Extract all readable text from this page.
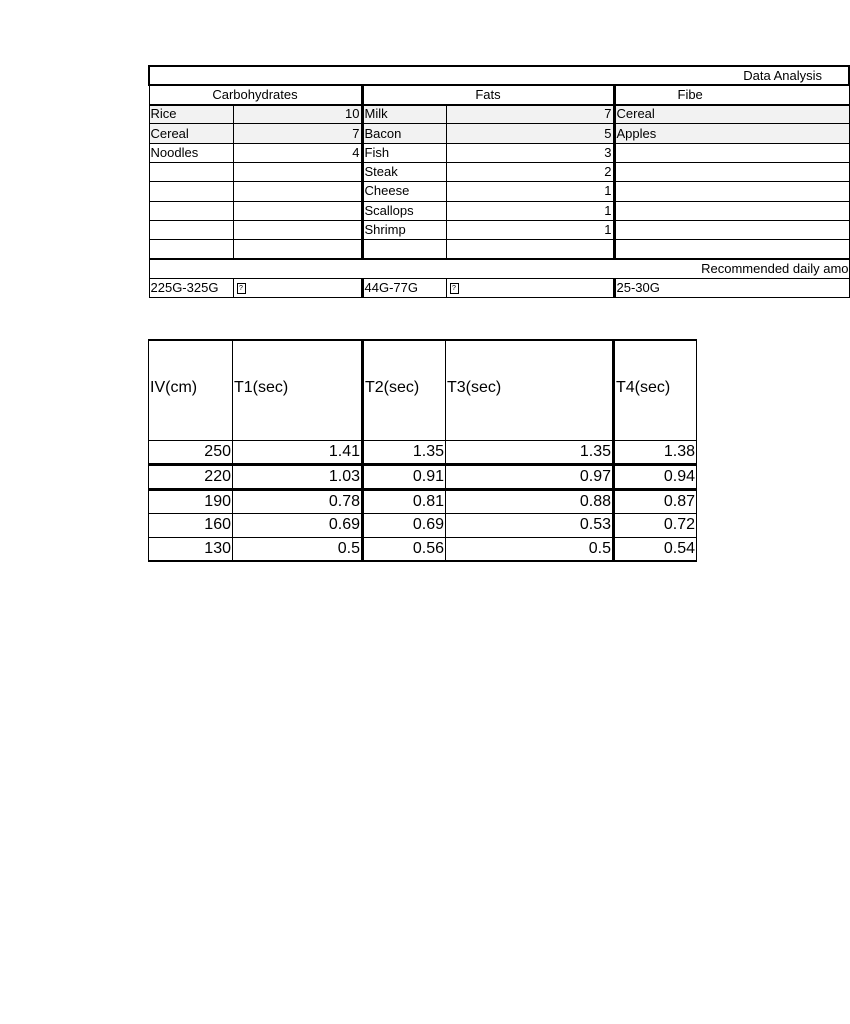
Data Analysis				
Carbohydrates		Fats		Fibe
Rice	10	Milk	7	Cereal
Cereal	7	Bacon	5	Apples
Noodles	4	Fish	3	
		Steak	2	
		Cheese	1	
		Scallops	1	
		Shrimp	1	

Recommended daily amo				
225G-325G	?	44G-77G	?	25-30G
IV(cm)	T1(sec)	T2(sec)	T3(sec)	T4(sec)
250	1.41	1.35	1.35	1.38
220	1.03	0.91	0.97	0.94
190	0.78	0.81	0.88	0.87
160	0.69	0.69	0.53	0.72
130	0.5	0.56	0.5	0.54
